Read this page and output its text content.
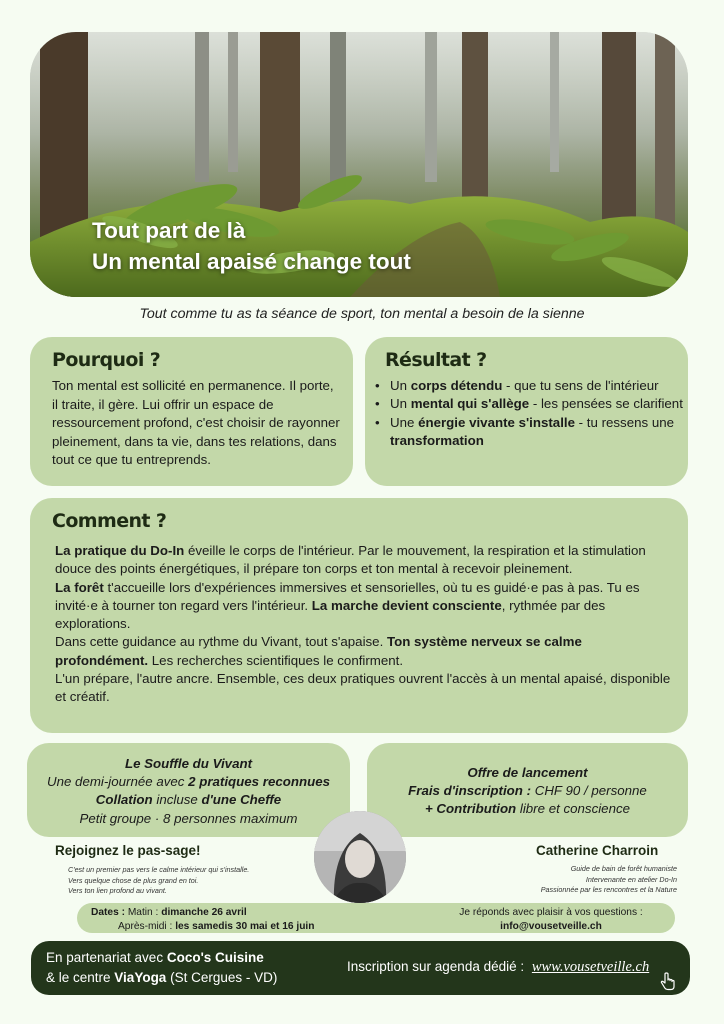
Tout part de là
Un mental apaisé change tout
Tout comme tu as ta séance de sport, ton mental a besoin de la sienne
Pourquoi ?

Ton mental est sollicité en permanence. Il porte, il traite, il gère. Lui offrir un espace de ressourcement profond, c'est choisir de rayonner pleinement, dans ta vie, dans tes relations, dans tout ce que tu entreprends.

Résultat ?
• Un corps détendu - que tu sens de l'intérieur
• Un mental qui s'allège - les pensées se clarifient
• Une énergie vivante s'installe - tu ressens une transformation
Comment ?
La pratique du Do-In éveille le corps de l'intérieur. Par le mouvement, la respiration et la stimulation douce des points énergétiques, il prépare ton corps et ton mental à recevoir pleinement.
La forêt t'accueille lors d'expériences immersives et sensorielles, où tu es guidé·e pas à pas. Tu es invité·e à tourner ton regard vers l'intérieur. La marche devient consciente, rythmée par des explorations.
Dans cette guidance au rythme du Vivant, tout s'apaise. Ton système nerveux se calme profondément. Les recherches scientifiques le confirment.
L'un prépare, l'autre ancre. Ensemble, ces deux pratiques ouvrent l'accès à un mental apaisé, disponible et créatif.
Le Souffle du Vivant
Une demi-journée avec 2 pratiques reconnues
Collation incluse d'une Cheffe
Petit groupe · 8 personnes maximum
Offre de lancement
Frais d'inscription : CHF 90 / personne
+ Contribution libre et conscience
Rejoignez le pas-sage!
C'est un premier pas vers le calme intérieur qui s'installe.
Vers quelque chose de plus grand en toi.
Vers ton lien profond au vivant.
Catherine Charroin
Guide de bain de forêt humaniste
Intervenante en atelier Do-In
Passionnée par les rencontres et la Nature
Dates : Matin : dimanche 26 avril
Après-midi : les samedis 30 mai et 16 juin
Je réponds avec plaisir à vos questions :
info@vousetveille.ch
En partenariat avec Coco's Cuisine
& le centre ViaYoga (St Cergues - VD)
Inscription sur agenda dédié : www.vousetveille.ch
